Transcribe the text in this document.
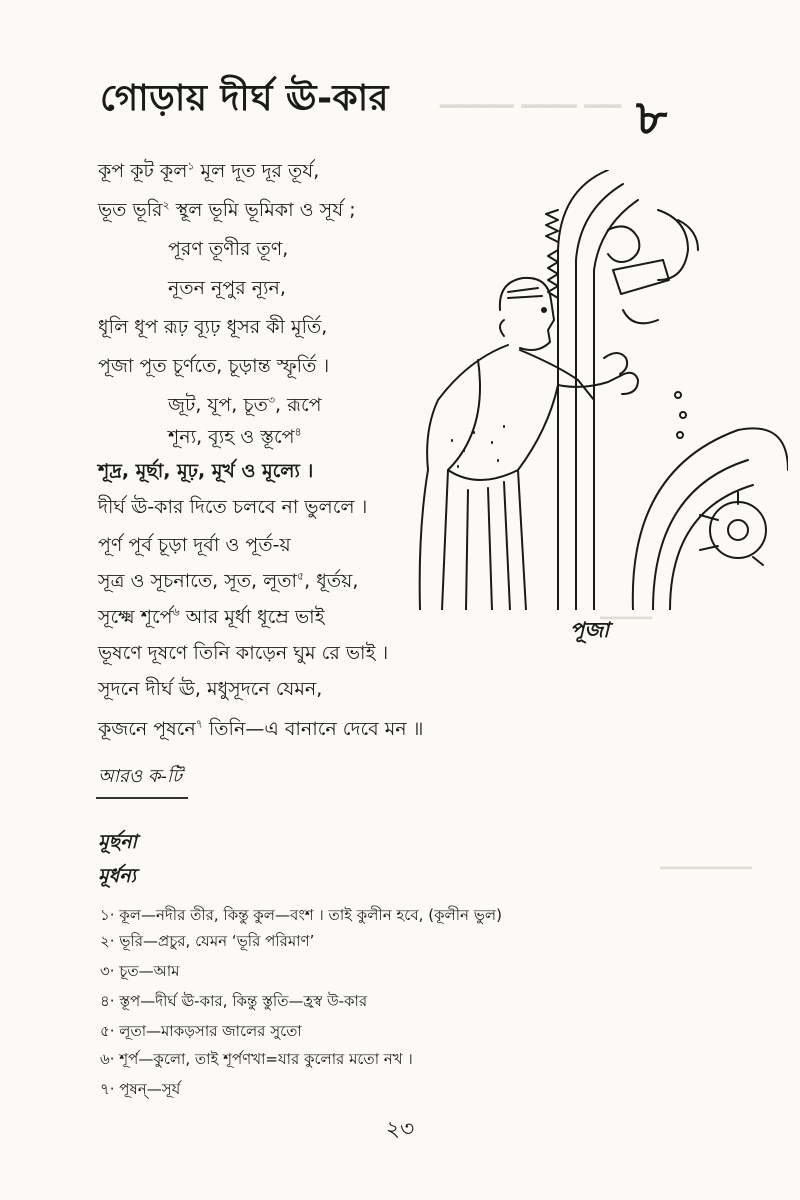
▁▁▁▁ ▁▁▁ ▁▁
▁▁▁▁
▁▁▁▁▁▁▁
গোড়ায় দীর্ঘ ঊ-কার	৮
কূপ কূট কূল$^১$ মূল দূত দূর তূর্য,
ভূত ভূরি$^২$ স্থূল ভূমি ভূমিকা ও সূর্য ;
পূরণ তূণীর তূণ,
নূতন নূপুর ন্যূন,
ধূলি ধূপ রূঢ় ব্যূঢ় ধূসর কী মূর্তি,
পূজা পূত চূর্ণতে, চূড়ান্ত স্ফূর্তি ।
জূট, যূপ, চূত$^৩$, রূপে
শূন্য, ব্যূহ ও স্তূপে$^৪$
শূদ্র, মূর্ছা, মূঢ়, মূর্খ ও মূল্যে ।
দীর্ঘ ঊ-কার দিতে চলবে না ভুললে ।
পূর্ণ পূর্ব চূড়া দূর্বা ও পূর্ত-য়
সূত্র ও সূচনাতে, সূত, লূতা$^৫$, ধূর্তয়,
সূক্ষ্মে শূর্পে$^৬$ আর মূর্ধা ধূম্রে ভাই
ভূষণে দূষণে তিনি কাড়েন ঘুম রে ভাই ।
সূদনে দীর্ঘ ঊ, মধুসূদনে যেমন,
কূজনে পূষনে$^৭$ তিনি—এ বানানে দেবে মন ॥
পূজা
আরও ক-টি
মূর্ছনা
মূর্ধন্য
১· কূল—নদীর তীর, কিন্তু কুল—বংশ । তাই কুলীন হবে, (কূলীন ভুল)
২· ভূরি—প্রচুর, যেমন ‘ভূরি পরিমাণ’
৩· চূত—আম
৪· স্তূপ—দীর্ঘ ঊ-কার, কিন্তু স্তুতি—হ্রস্ব উ-কার
৫· লূতা—মাকড়সার জালের সুতো
৬· শূর্প—কুলো, তাই শূর্পণখা=যার কুলোর মতো নখ ।
৭· পূষন্—সূর্য
২৩
